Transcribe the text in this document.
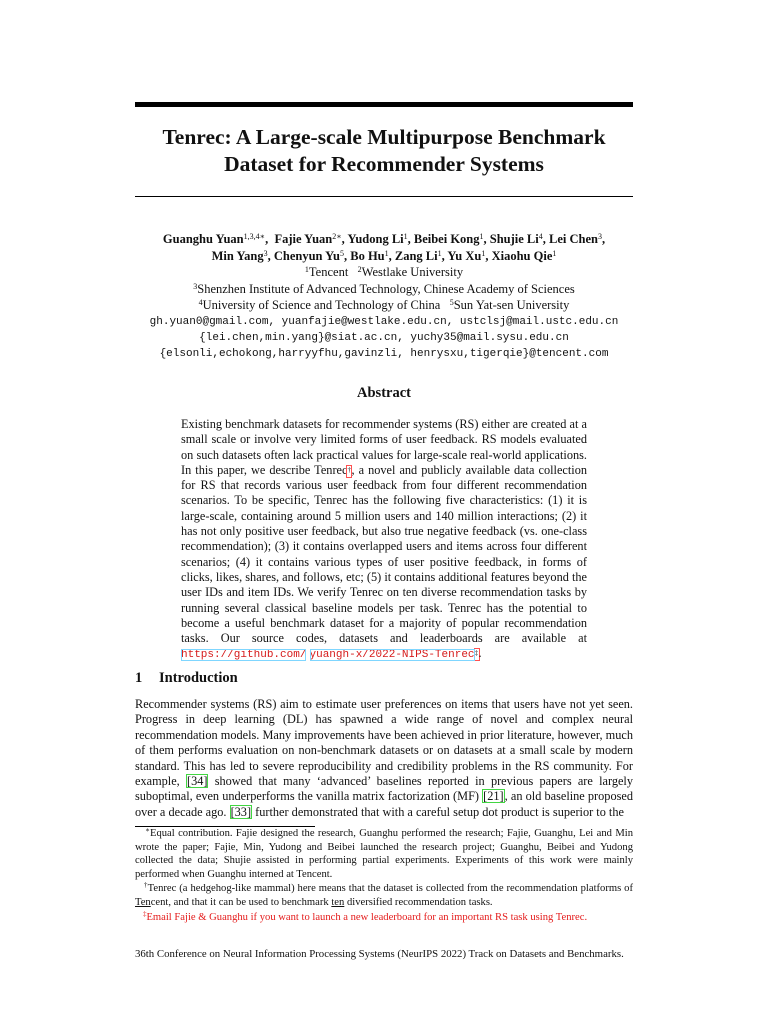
Tenrec: A Large-scale Multipurpose Benchmark
Dataset for Recommender Systems
Guanghu Yuan$^{1,3,4∗}$,  Fajie Yuan$^{2∗}$, Yudong Li$^1$, Beibei Kong$^1$, Shujie Li$^4$, Lei Chen$^3$,
Min Yang$^3$, Chenyun Yu$^5$, Bo Hu$^1$, Zang Li$^1$, Yu Xu$^1$, Xiaohu Qie$^1$
$^1$Tencent $^2$Westlake University
$^3$Shenzhen Institute of Advanced Technology, Chinese Academy of Sciences
$^4$University of Science and Technology of China $^5$Sun Yat-sen University
gh.yuan0@gmail.com, yuanfajie@westlake.edu.cn, ustclsj@mail.ustc.edu.cn
{lei.chen,min.yang}@siat.ac.cn, yuchy35@mail.sysu.edu.cn
{elsonli,echokong,harryyfhu,gavinzli, henrysxu,tigerqie}@tencent.com
Abstract
Existing benchmark datasets for recommender systems (RS) either are created at a small scale or involve very limited forms of user feedback. RS models evaluated on such datasets often lack practical values for large-scale real-world applications. In this paper, we describe Tenrec†, a novel and publicly available data collection for RS that records various user feedback from four different recommendation scenarios. To be specific, Tenrec has the following five characteristics: (1) it is large-scale, containing around 5 million users and 140 million interactions; (2) it has not only positive user feedback, but also true negative feedback (vs. one-class recommendation); (3) it contains overlapped users and items across four different scenarios; (4) it contains various types of user positive feedback, in forms of clicks, likes, shares, and follows, etc; (5) it contains additional features beyond the user IDs and item IDs. We verify Tenrec on ten diverse recommendation tasks by running several classical baseline models per task. Tenrec has the potential to become a useful benchmark dataset for a majority of popular recommendation tasks. Our source codes, datasets and leaderboards are available at https://github.com/ yuangh-x/2022-NIPS-Tenrec‡.
1 Introduction
Recommender systems (RS) aim to estimate user preferences on items that users have not yet seen. Progress in deep learning (DL) has spawned a wide range of novel and complex neural recommendation models. Many improvements have been achieved in prior literature, however, much of them performs evaluation on non-benchmark datasets or on datasets at a small scale by modern standard. This has led to severe reproducibility and credibility problems in the RS community. For example, [34] showed that many ‘advanced’ baselines reported in previous papers are largely suboptimal, even underperforms the vanilla matrix factorization (MF) [21], an old baseline proposed over a decade ago. [33] further demonstrated that with a careful setup dot product is superior to the

∗Equal contribution. Fajie designed the research, Guanghu performed the research; Fajie, Guanghu, Lei and Min wrote the paper; Fajie, Min, Yudong and Beibei launched the research project; Guanghu, Beibei and Yudong collected the data; Shujie assisted in performing partial experiments. Experiments of this work were mainly performed when Guanghu interned at Tencent.

†Tenrec (a hedgehog-like mammal) here means that the dataset is collected from the recommendation platforms of Tencent, and that it can be used to benchmark ten diversified recommendation tasks.

‡Email Fajie & Guanghu if you want to launch a new leaderboard for an important RS task using Tenrec.

36th Conference on Neural Information Processing Systems (NeurIPS 2022) Track on Datasets and Benchmarks.
